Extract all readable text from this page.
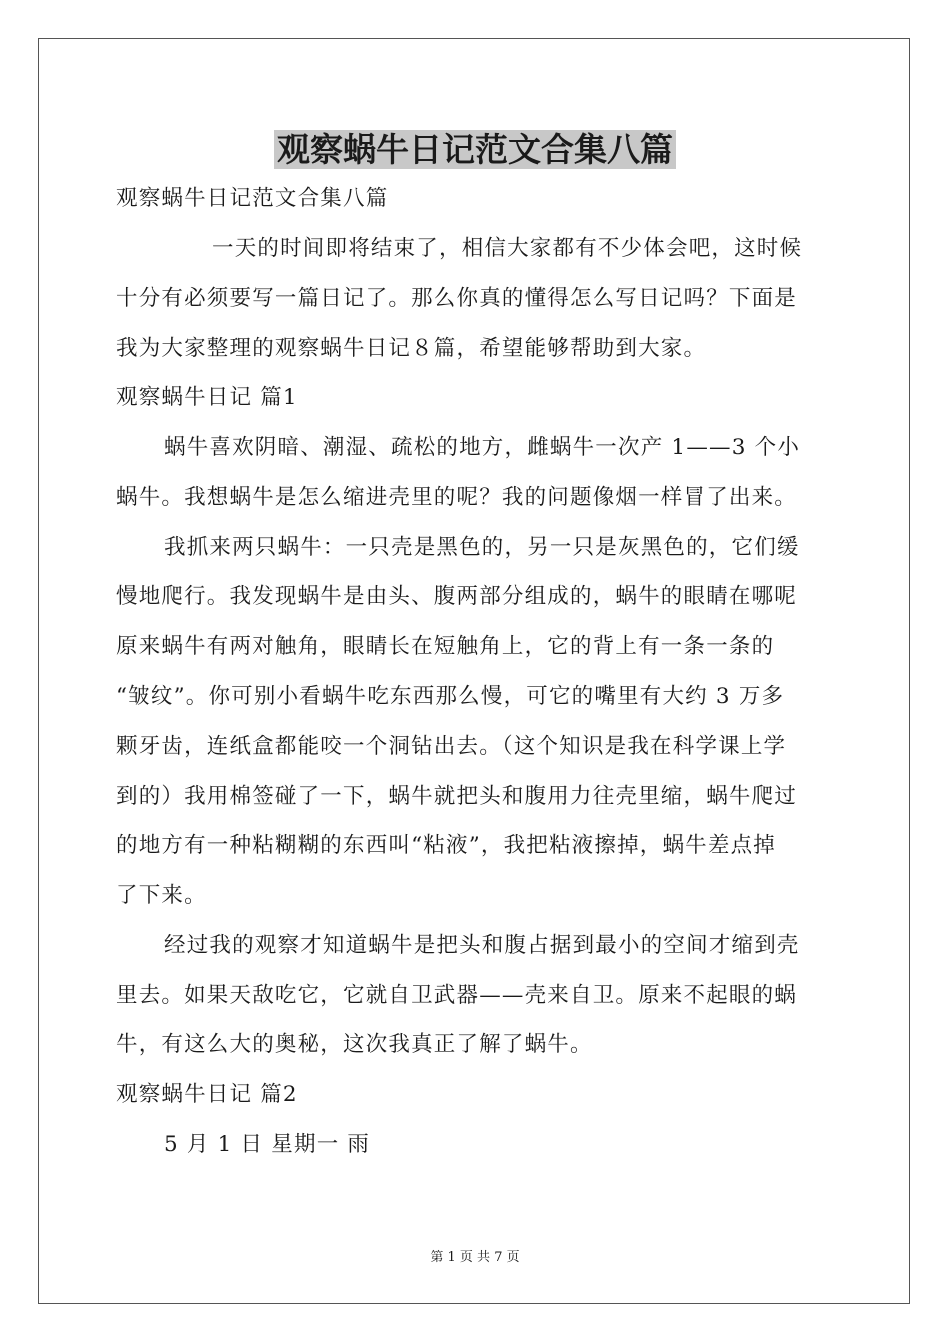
观察蜗牛日记范文合集八篇
观察蜗牛日记范文合集八篇
一天的时间即将结束了，相信大家都有不少体会吧，这时候
十分有必须要写一篇日记了。那么你真的懂得怎么写日记吗？下面是
我为大家整理的观察蜗牛日记８篇，希望能够帮助到大家。
观察蜗牛日记 篇1
蜗牛喜欢阴暗、潮湿、疏松的地方，雌蜗牛一次产 1——3 个小
蜗牛。我想蜗牛是怎么缩进壳里的呢？我的问题像烟一样冒了出来。
我抓来两只蜗牛：一只壳是黑色的，另一只是灰黑色的，它们缓
慢地爬行。我发现蜗牛是由头、腹两部分组成的，蜗牛的眼睛在哪呢
原来蜗牛有两对触角，眼睛长在短触角上，它的背上有一条一条的
“皱纹”。你可别小看蜗牛吃东西那么慢，可它的嘴里有大约 3 万多
颗牙齿，连纸盒都能咬一个洞钻出去。（这个知识是我在科学课上学
到的）我用棉签碰了一下，蜗牛就把头和腹用力往壳里缩，蜗牛爬过
的地方有一种粘糊糊的东西叫“粘液”，我把粘液擦掉，蜗牛差点掉
了下来。
经过我的观察才知道蜗牛是把头和腹占据到最小的空间才缩到壳
里去。如果天敌吃它，它就自卫武器——壳来自卫。原来不起眼的蜗
牛，有这么大的奥秘，这次我真正了解了蜗牛。
观察蜗牛日记 篇2
5 月 1 日 星期一 雨
第 1 页 共 7 页
